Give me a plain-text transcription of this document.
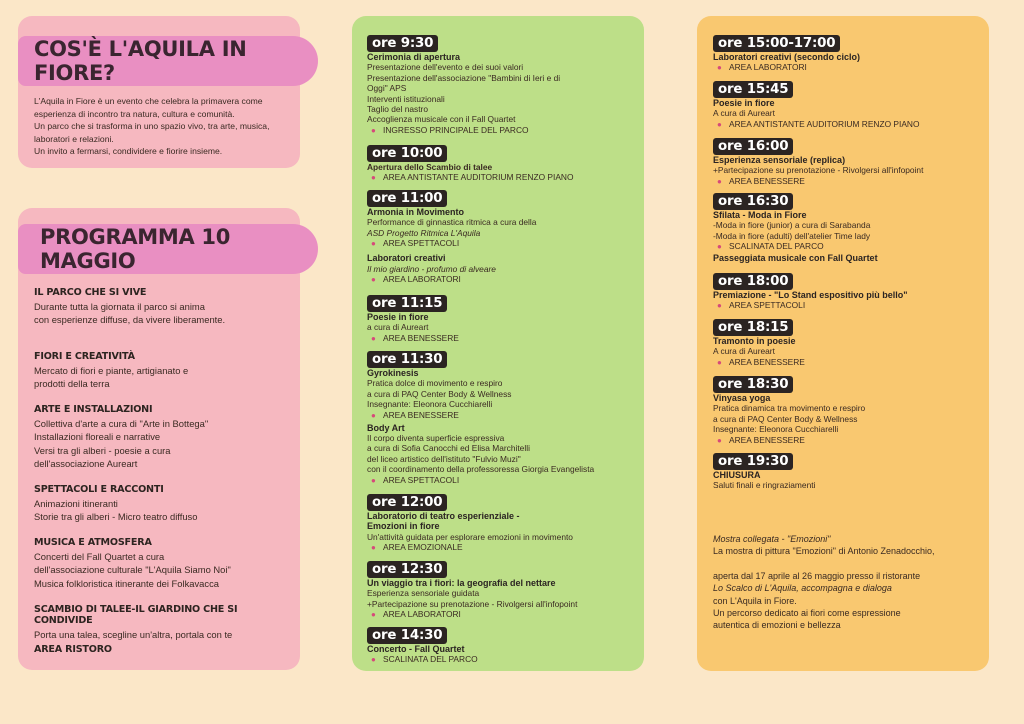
COS'È L'AQUILA IN FIORE?
L'Aquila in Fiore è un evento che celebra la primavera come
esperienza di incontro tra natura, cultura e comunità.
Un parco che si trasforma in uno spazio vivo, tra arte, musica,
laboratori e relazioni.
Un invito a fermarsi, condividere e fiorire insieme.
PROGRAMMA 10 MAGGIO
IL PARCO CHE SI VIVE
Durante tutta la giornata il parco si anima
con esperienze diffuse, da vivere liberamente.
FIORI E CREATIVITÀ
Mercato di fiori e piante, artigianato e
prodotti della terra
ARTE E INSTALLAZIONI
Collettiva d'arte a cura di "Arte in Bottega"
Installazioni floreali e narrative
Versi tra gli alberi - poesie a cura
dell'associazione Aureart
SPETTACOLI E RACCONTI
Animazioni itineranti
Storie tra gli alberi - Micro teatro diffuso
MUSICA E ATMOSFERA
Concerti del Fall Quartet a cura
dell'associazione culturale "L'Aquila Siamo Noi"
Musica folkloristica itinerante dei Folkavacca
SCAMBIO DI TALEE-IL GIARDINO CHE SI CONDIVIDE
Porta una talea, scegline un'altra, portala con te
AREA RISTORO
ore 9:30
Cerimonia di apertura
Presentazione dell'evento e dei suoi valori
Presentazione dell'associazione "Bambini di Ieri e di
Oggi" APS
Interventi istituzionali
Taglio del nastro
Accoglienza musicale con il Fall Quartet
● INGRESSO PRINCIPALE DEL PARCO
ore 10:00
Apertura dello Scambio di talee
● AREA ANTISTANTE AUDITORIUM RENZO PIANO
ore 11:00
Armonia in Movimento
Performance di ginnastica ritmica a cura della
ASD Progetto Ritmica L'Aquila
● AREA SPETTACOLI
Laboratori creativi
Il mio giardino - profumo di alveare
● AREA LABORATORI
ore 11:15
Poesie in fiore
a cura di Aureart
● AREA BENESSERE
ore 11:30
Gyrokinesis
Pratica dolce di movimento e respiro
a cura di PAQ Center Body & Wellness
Insegnante: Eleonora Cucchiarelli
● AREA BENESSERE
Body Art
Il corpo diventa superficie espressiva
a cura di Sofia Canocchi ed Elisa Marchitelli
del liceo artistico dell'istituto "Fulvio Muzi"
con il coordinamento della professoressa Giorgia Evangelista
● AREA SPETTACOLI
ore 12:00
Laboratorio di teatro esperienziale -
Emozioni in fiore
Un'attività guidata per esplorare emozioni in movimento
● AREA EMOZIONALE
ore 12:30
Un viaggio tra i fiori: la geografia del nettare
Esperienza sensoriale guidata
+Partecipazione su prenotazione - Rivolgersi all'infopoint
● AREA LABORATORI
ore 14:30
Concerto - Fall Quartet
● SCALINATA DEL PARCO
ore 15:00-17:00
Laboratori creativi (secondo ciclo)
● AREA LABORATORI
ore 15:45
Poesie in fiore
A cura di Aureart
● AREA ANTISTANTE AUDITORIUM RENZO PIANO
ore 16:00
Esperienza sensoriale (replica)
+Partecipazione su prenotazione - Rivolgersi all'infopoint
● AREA BENESSERE
ore 16:30
Sfilata - Moda in Fiore
-Moda in fiore (junior) a cura di Sarabanda
-Moda in fiore (adulti) dell'atelier Time lady
● SCALINATA DEL PARCO
Passeggiata musicale con Fall Quartet
ore 18:00
Premiazione - "Lo Stand espositivo più bello"
● AREA SPETTACOLI
ore 18:15
Tramonto in poesie
A cura di Aureart
● AREA BENESSERE
ore 18:30
Vinyasa yoga
Pratica dinamica tra movimento e respiro
a cura di PAQ Center Body & Wellness
Insegnante: Eleonora Cucchiarelli
● AREA BENESSERE
ore 19:30
CHIUSURA
Saluti finali e ringraziamenti
Mostra collegata - "Emozioni"
La mostra di pittura "Emozioni" di Antonio Zenadocchio,
aperta dal 17 aprile al 26 maggio presso il ristorante
Lo Scalco di L'Aquila, accompagna e dialoga
con L'Aquila in Fiore.
Un percorso dedicato ai fiori come espressione
autentica di emozioni e bellezza
